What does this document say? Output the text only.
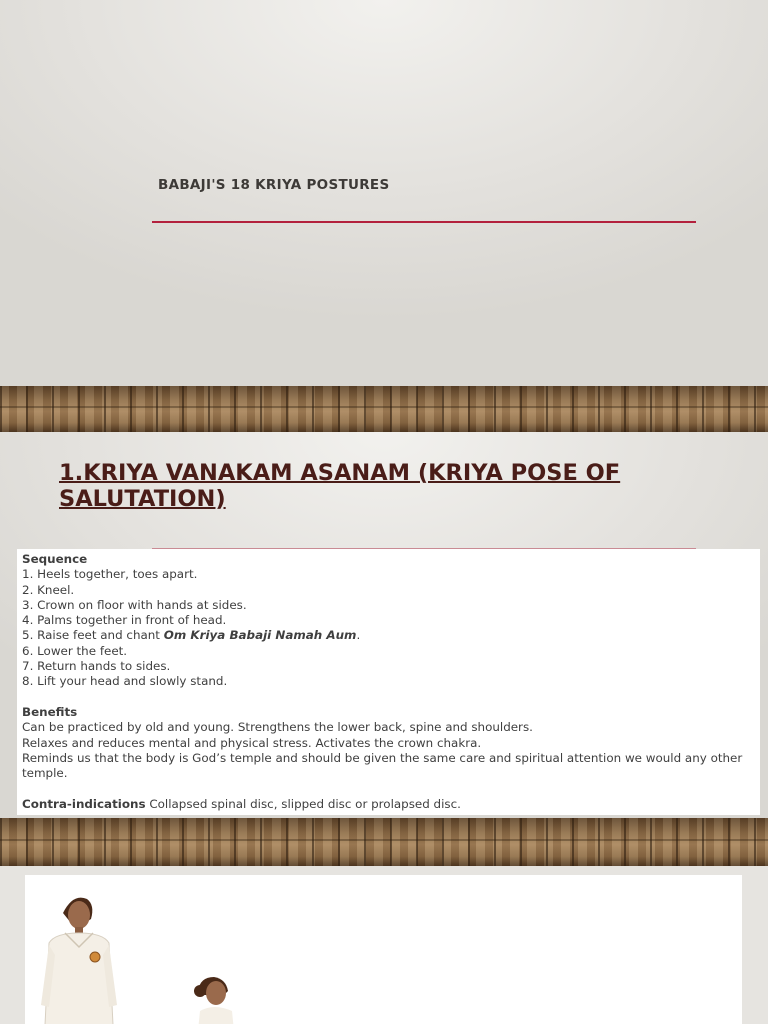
BABAJI'S 18 KRIYA POSTURES
1.KRIYA VANAKAM ASANAM (KRIYA POSE OF SALUTATION)

Sequence

1. Heels together, toes apart.

2. Kneel.

3. Crown on floor with hands at sides.

4. Palms together in front of head.

5. Raise feet and chant Om Kriya Babaji Namah Aum.

6. Lower the feet.

7. Return hands to sides.

8. Lift your head and slowly stand.

Benefits

Can be practiced by old and young. Strengthens the lower back, spine and shoulders.

Relaxes and reduces mental and physical stress. Activates the crown chakra.

Reminds us that the body is God’s temple and should be given the same care and spiritual attention we would any other temple.

Contra-indications Collapsed spinal disc, slipped disc or prolapsed disc.
